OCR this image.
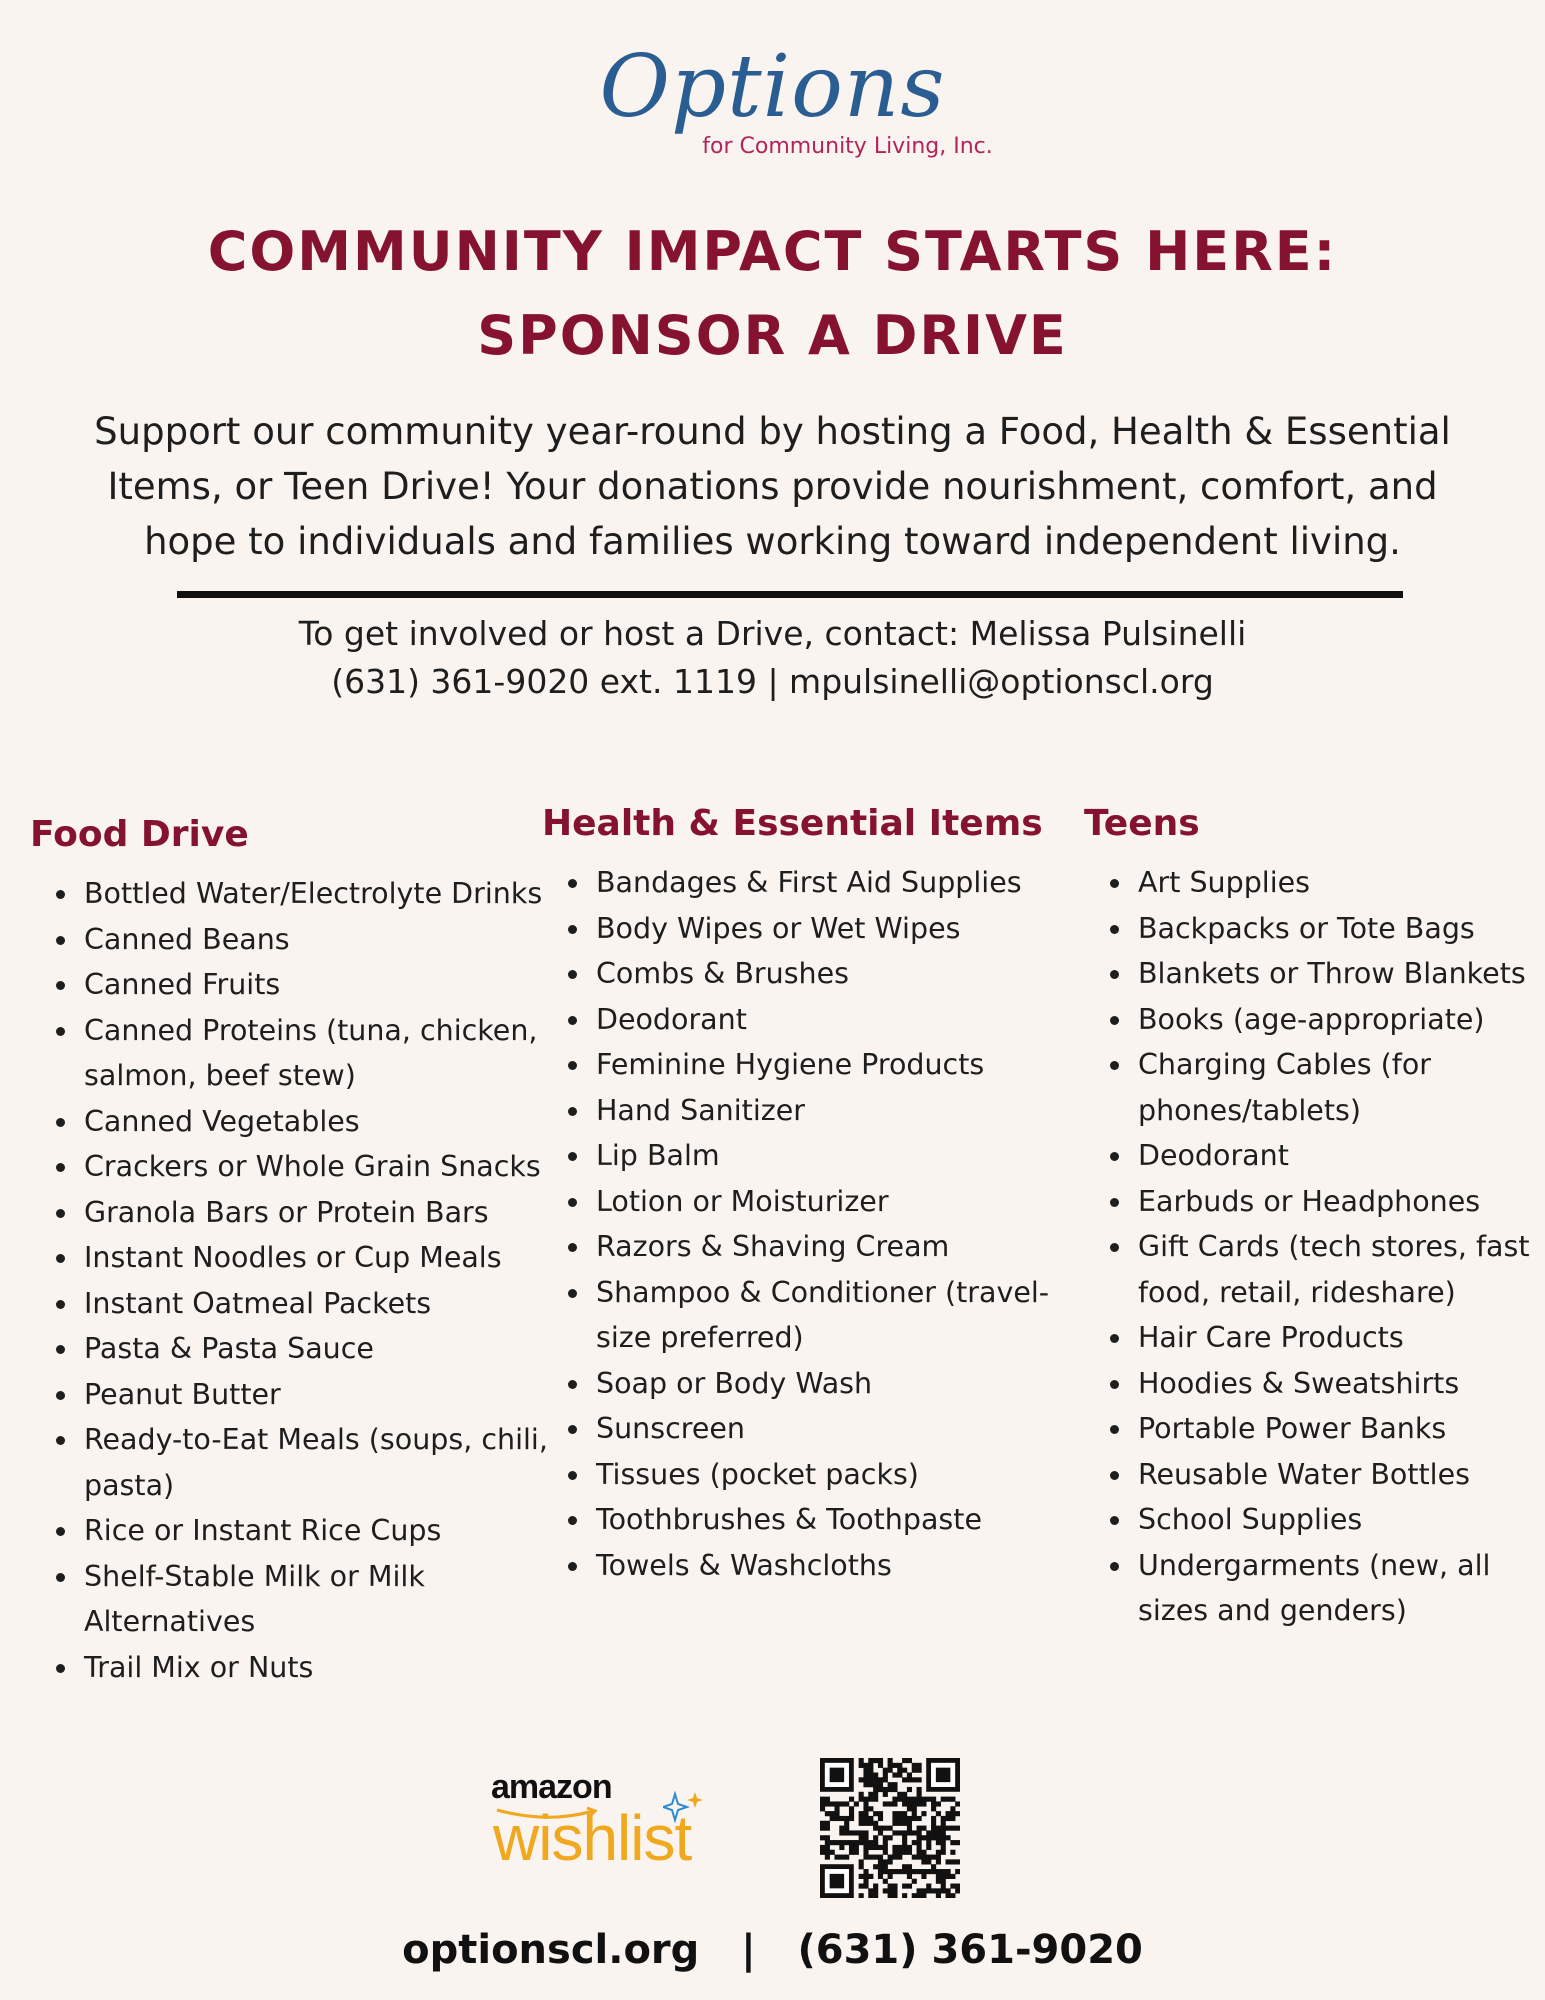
Options
for Community Living, Inc.
COMMUNITY IMPACT STARTS HERE:
SPONSOR A DRIVE
Support our community year-round by hosting a Food, Health & Essential
Items, or Teen Drive! Your donations provide nourishment, comfort, and
hope to individuals and families working toward independent living.
To get involved or host a Drive, contact: Melissa Pulsinelli
(631) 361-9020 ext. 1119 | mpulsinelli@optionscl.org
Food Drive
• Bottled Water/Electrolyte Drinks
• Canned Beans
• Canned Fruits
• Canned Proteins (tuna, chicken, salmon, beef stew)
• Canned Vegetables
• Crackers or Whole Grain Snacks
• Granola Bars or Protein Bars
• Instant Noodles or Cup Meals
• Instant Oatmeal Packets
• Pasta & Pasta Sauce
• Peanut Butter
• Ready-to-Eat Meals (soups, chili, pasta)
• Rice or Instant Rice Cups
• Shelf-Stable Milk or Milk Alternatives
• Trail Mix or Nuts
Health & Essential Items
• Bandages & First Aid Supplies
• Body Wipes or Wet Wipes
• Combs & Brushes
• Deodorant
• Feminine Hygiene Products
• Hand Sanitizer
• Lip Balm
• Lotion or Moisturizer
• Razors & Shaving Cream
• Shampoo & Conditioner (travel-size preferred)
• Soap or Body Wash
• Sunscreen
• Tissues (pocket packs)
• Toothbrushes & Toothpaste
• Towels & Washcloths
Teens
• Art Supplies
• Backpacks or Tote Bags
• Blankets or Throw Blankets
• Books (age-appropriate)
• Charging Cables (for phones/tablets)
• Deodorant
• Earbuds or Headphones
• Gift Cards (tech stores, fast food, retail, rideshare)
• Hair Care Products
• Hoodies & Sweatshirts
• Portable Power Banks
• Reusable Water Bottles
• School Supplies
• Undergarments (new, all sizes and genders)
amazon
wishlist
optionscl.org   |   (631) 361-9020
